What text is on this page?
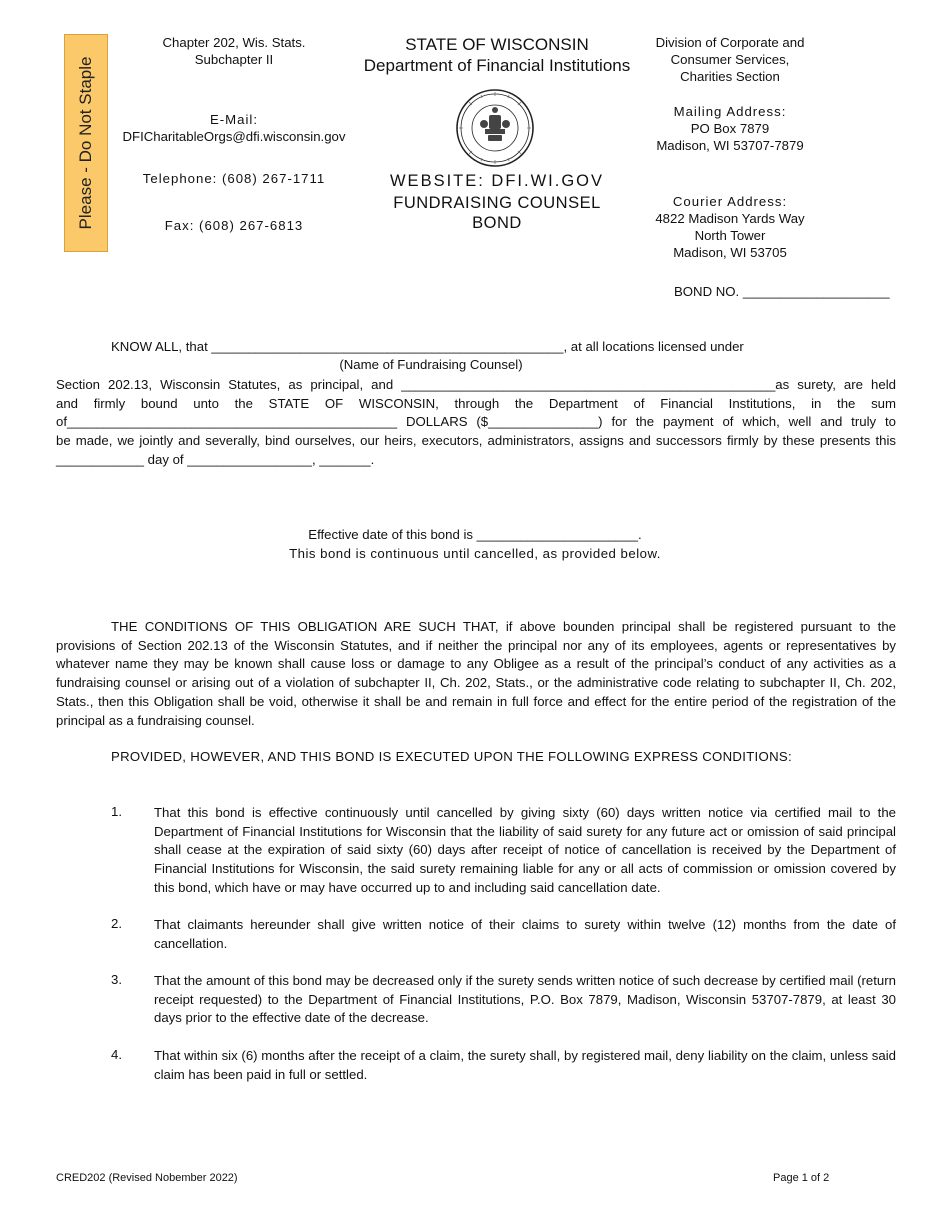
Please - Do Not Staple
Chapter 202, Wis. Stats.
Subchapter II
E-Mail:
DFICharitableOrgs@dfi.wisconsin.gov
Telephone: (608) 267-1711
Fax: (608) 267-6813
STATE OF WISCONSIN
Department of Financial Institutions
WEBSITE: DFI.WI.GOV
FUNDRAISING COUNSEL
BOND
Division of Corporate and
Consumer Services,
Charities Section
Mailing Address:
PO Box 7879
Madison, WI 53707-7879
Courier Address:
4822 Madison Yards Way
North Tower
Madison, WI 53705
BOND NO. ____________________
KNOW ALL, that ________________________________________________, at all locations licensed under
(Name of Fundraising Counsel)
Section 202.13, Wisconsin Statutes, as principal, and ___________________________________________________as surety, are held
and firmly bound unto the STATE OF WISCONSIN, through the Department of Financial Institutions, in the sum
of_____________________________________________ DOLLARS ($_______________) for the payment of which, well and truly to
be made, we jointly and severally, bind ourselves, our heirs, executors, administrators, assigns and successors firmly by these presents this
____________ day of _________________, _______.
Effective date of this bond is ______________________.
This bond is continuous until cancelled, as provided below.
THE CONDITIONS OF THIS OBLIGATION ARE SUCH THAT, if above bounden principal shall be registered pursuant to the provisions of Section 202.13 of the Wisconsin Statutes, and if neither the principal nor any of its employees, agents or representatives by whatever name they may be known shall cause loss or damage to any Obligee as a result of the principal’s conduct of any activities as a fundraising counsel or arising out of a violation of subchapter II, Ch. 202, Stats., or the administrative code relating to subchapter II, Ch. 202, Stats., then this Obligation shall be void, otherwise it shall be and remain in full force and effect for the entire period of the registration of the principal as a fundraising counsel.
PROVIDED, HOWEVER, AND THIS BOND IS EXECUTED UPON THE FOLLOWING EXPRESS CONDITIONS:
1. That this bond is effective continuously until cancelled by giving sixty (60) days written notice via certified mail to the Department of Financial Institutions for Wisconsin that the liability of said surety for any future act or omission of said principal shall cease at the expiration of said sixty (60) days after receipt of notice of cancellation is received by the Department of Financial Institutions for Wisconsin, the said surety remaining liable for any or all acts of commission or omission covered by this bond, which have or may have occurred up to and including said cancellation date.
2. That claimants hereunder shall give written notice of their claims to surety within twelve (12) months from the date of cancellation.
3. That the amount of this bond may be decreased only if the surety sends written notice of such decrease by certified mail (return receipt requested) to the Department of Financial Institutions, P.O. Box 7879, Madison, Wisconsin 53707-7879, at least 30 days prior to the effective date of the decrease.
4. That within six (6) months after the receipt of a claim, the surety shall, by registered mail, deny liability on the claim, unless said claim has been paid in full or settled.
CRED202 (Revised Nobember 2022)	Page 1 of 2
